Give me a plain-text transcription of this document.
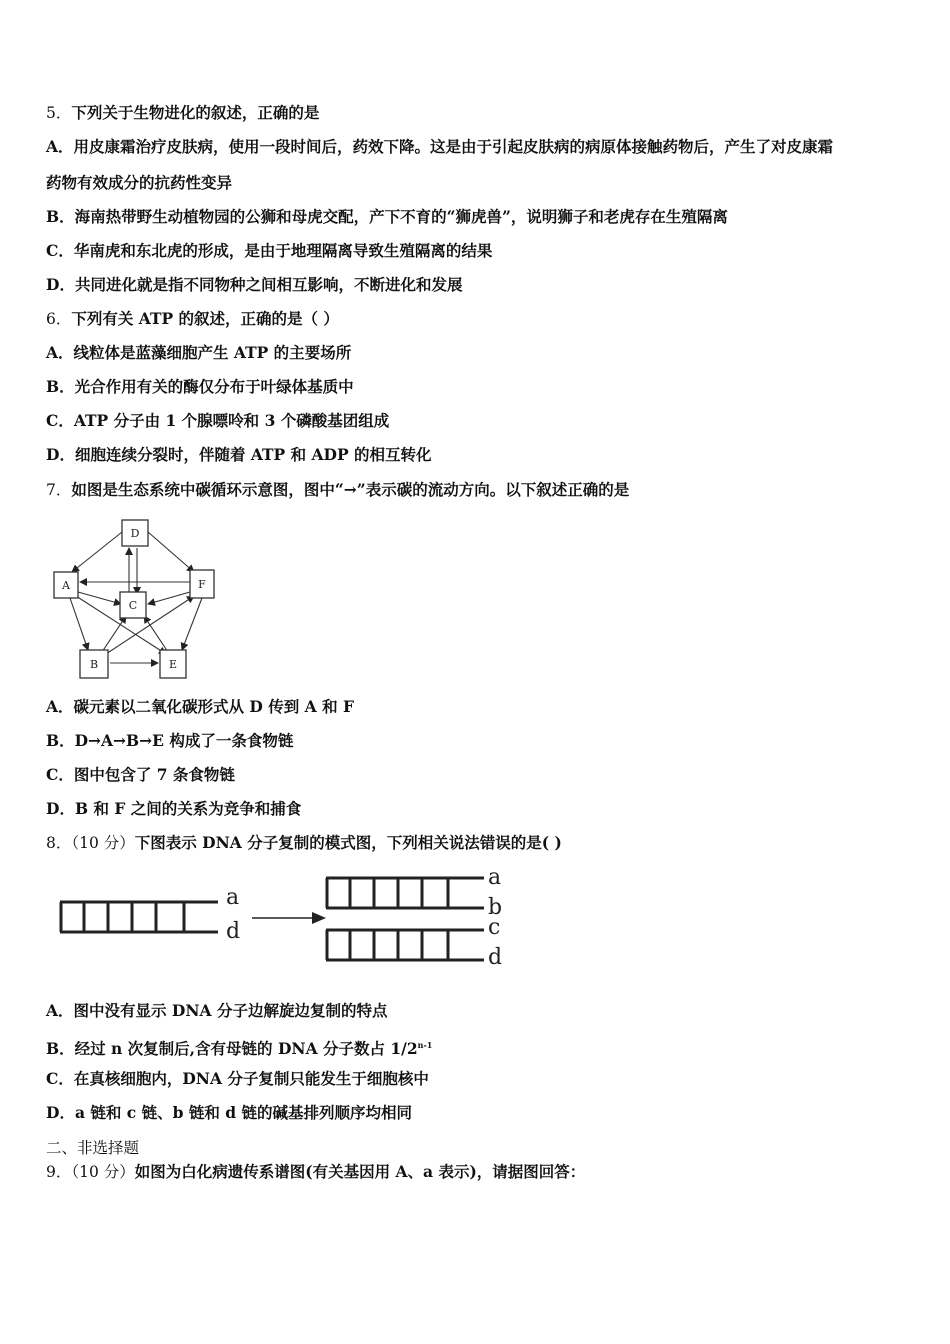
5．下列关于生物进化的叙述，正确的是
A．用皮康霜治疗皮肤病，使用一段时间后，药效下降。这是由于引起皮肤病的病原体接触药物后，产生了对皮康霜
药物有效成分的抗药性变异
B．海南热带野生动植物园的公狮和母虎交配，产下不育的“狮虎兽”，说明狮子和老虎存在生殖隔离
C．华南虎和东北虎的形成，是由于地理隔离导致生殖隔离的结果
D．共同进化就是指不同物种之间相互影响，不断进化和发展
6．下列有关 ATP 的叙述，正确的是（ ）
A．线粒体是蓝藻细胞产生 ATP 的主要场所
B．光合作用有关的酶仅分布于叶绿体基质中
C．ATP 分子由 1 个腺嘌呤和 3 个磷酸基团组成
D．细胞连续分裂时，伴随着 ATP 和 ADP 的相互转化
7．如图是生态系统中碳循环示意图，图中“→”表示碳的流动方向。以下叙述正确的是
D
A
C
F
B	E
A．碳元素以二氧化碳形式从 D 传到 A 和 F
B．D→A→B→E 构成了一条食物链
C．图中包含了 7 条食物链
D．B 和 F 之间的关系为竞争和捕食
8．（10 分）下图表示 DNA 分子复制的模式图，下列相关说法错误的是( )
a
d
a
b
c
d
A．图中没有显示 DNA 分子边解旋边复制的特点
B．经过 n 次复制后,含有母链的 DNA 分子数占 1/2$^{n-1}$
C．在真核细胞内，DNA 分子复制只能发生于细胞核中
D．a 链和 c 链、b 链和 d 链的碱基排列顺序均相同
二、非选择题
9．（10 分）如图为白化病遗传系谱图(有关基因用 A、a 表示)，请据图回答：
